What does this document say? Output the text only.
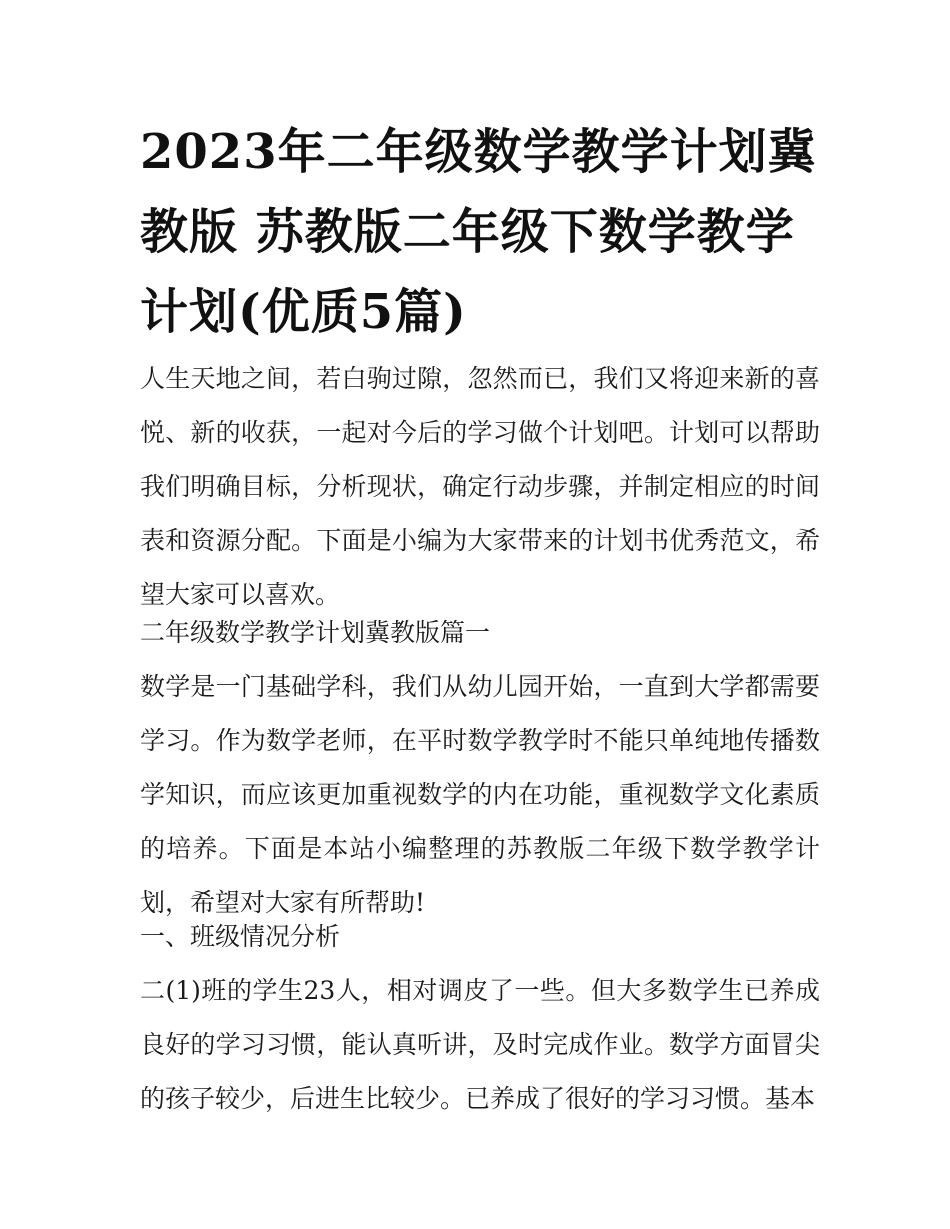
2023年二年级数学教学计划冀教版 苏教版二年级下数学教学计划(优质5篇)

人生天地之间，若白驹过隙，忽然而已，我们又将迎来新的喜悦、新的收获，一起对今后的学习做个计划吧。计划可以帮助我们明确目标，分析现状，确定行动步骤，并制定相应的时间表和资源分配。下面是小编为大家带来的计划书优秀范文，希望大家可以喜欢。

二年级数学教学计划冀教版篇一

数学是一门基础学科，我们从幼儿园开始，一直到大学都需要学习。作为数学老师，在平时数学教学时不能只单纯地传播数学知识，而应该更加重视数学的内在功能，重视数学文化素质的培养。下面是本站小编整理的苏教版二年级下数学教学计划，希望对大家有所帮助!

一、班级情况分析

二(1)班的学生23人，相对调皮了一些。但大多数学生已养成良好的学习习惯，能认真听讲，及时完成作业。数学方面冒尖的孩子较少，后进生比较少。已养成了很好的学习习惯。基本
